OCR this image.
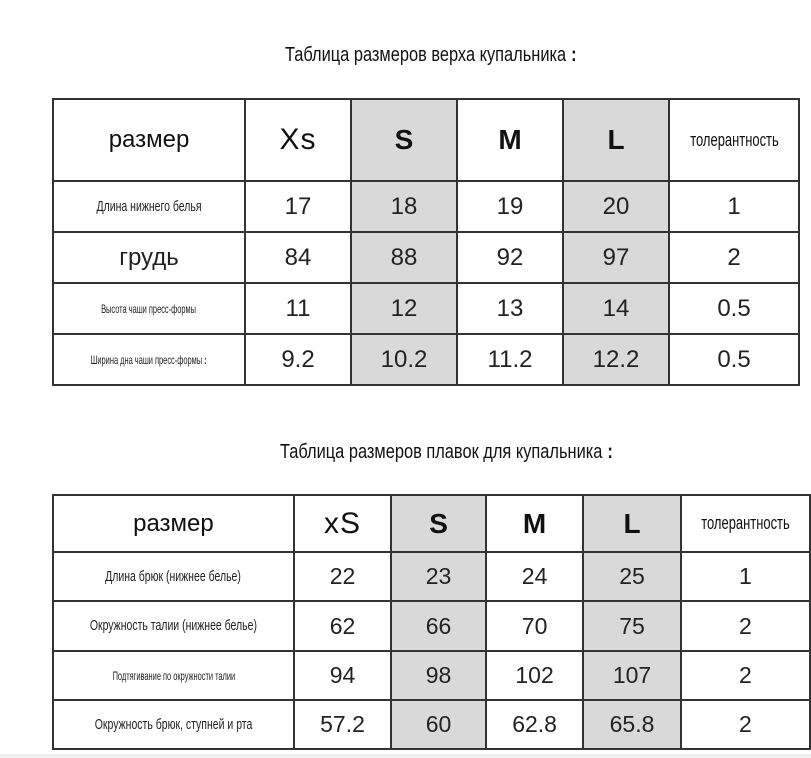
Таблица размеров верха купальника :
размер	Xs	S	M	L	толерантность
Длина нижнего белья	17	18	19	20	1
грудь	84	88	92	97	2
Высота чаши пресс-формы	11	12	13	14	0.5
Ширина дна чаши пресс-формы :	9.2	10.2	11.2	12.2	0.5
Таблица размеров плавок для купальника :
размер	xS	S	M	L	толерантность
Длина брюк (нижнее белье)	22	23	24	25	1
Окружность талии (нижнее белье)	62	66	70	75	2
Подтягивание по окружности талии	94	98	102	107	2
Окружность брюк, ступней и рта	57.2	60	62.8	65.8	2
